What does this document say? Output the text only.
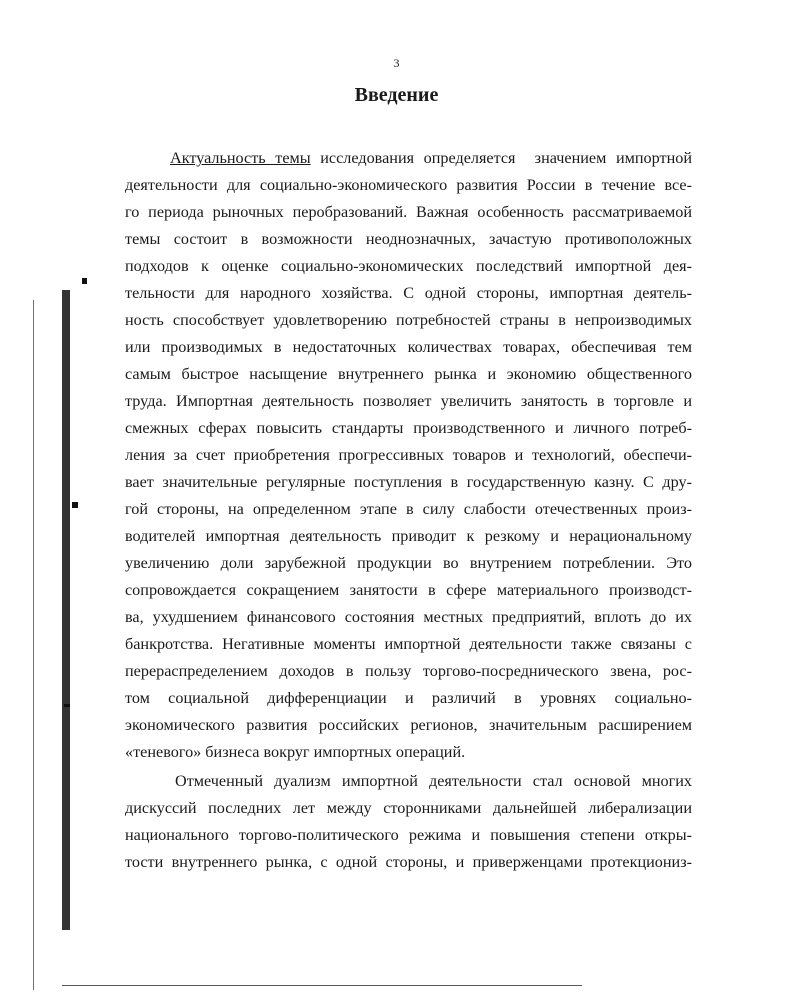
3
Введение
Актуальность темы исследования определяется  значением импортной
деятельности для социально-экономического развития России в течение все-
го периода рыночных перобразований. Важная особенность рассматриваемой
темы состоит в возможности неоднозначных, зачастую противоположных
подходов к оценке социально-экономических последствий импортной дея-
тельности для народного хозяйства. С одной стороны, импортная деятель-
ность способствует удовлетворению потребностей страны в непроизводимых
или производимых в недостаточных количествах товарах, обеспечивая тем
самым быстрое насыщение внутреннего рынка и экономию общественного
труда. Импортная деятельность позволяет увеличить занятость в торговле и
смежных сферах повысить стандарты производственного и личного потреб-
ления за счет приобретения прогрессивных товаров и технологий, обеспечи-
вает значительные регулярные поступления в государственную казну. С дру-
гой стороны, на определенном этапе в силу слабости отечественных произ-
водителей импортная деятельность приводит к резкому и нерациональному
увеличению доли зарубежной продукции во внутрением потреблении. Это
сопровождается сокращением занятости в сфере материального производст-
ва, ухудшением финансового состояния местных предприятий, вплоть до их
банкротства. Негативные моменты импортной деятельности также связаны с
перераспределением доходов в пользу торгово-посреднического звена, рос-
том социальной дифференциации и различий в уровнях социально-
экономического развития российских регионов, значительным расширением
«теневого» бизнеса вокруг импортных операций.
Отмеченный дуализм импортной деятельности стал основой многих
дискуссий последних лет между сторонниками дальнейшей либерализации
национального торгово-политического режима и повышения степени откры-
тости внутреннего рынка, с одной стороны, и приверженцами протекциониз-
